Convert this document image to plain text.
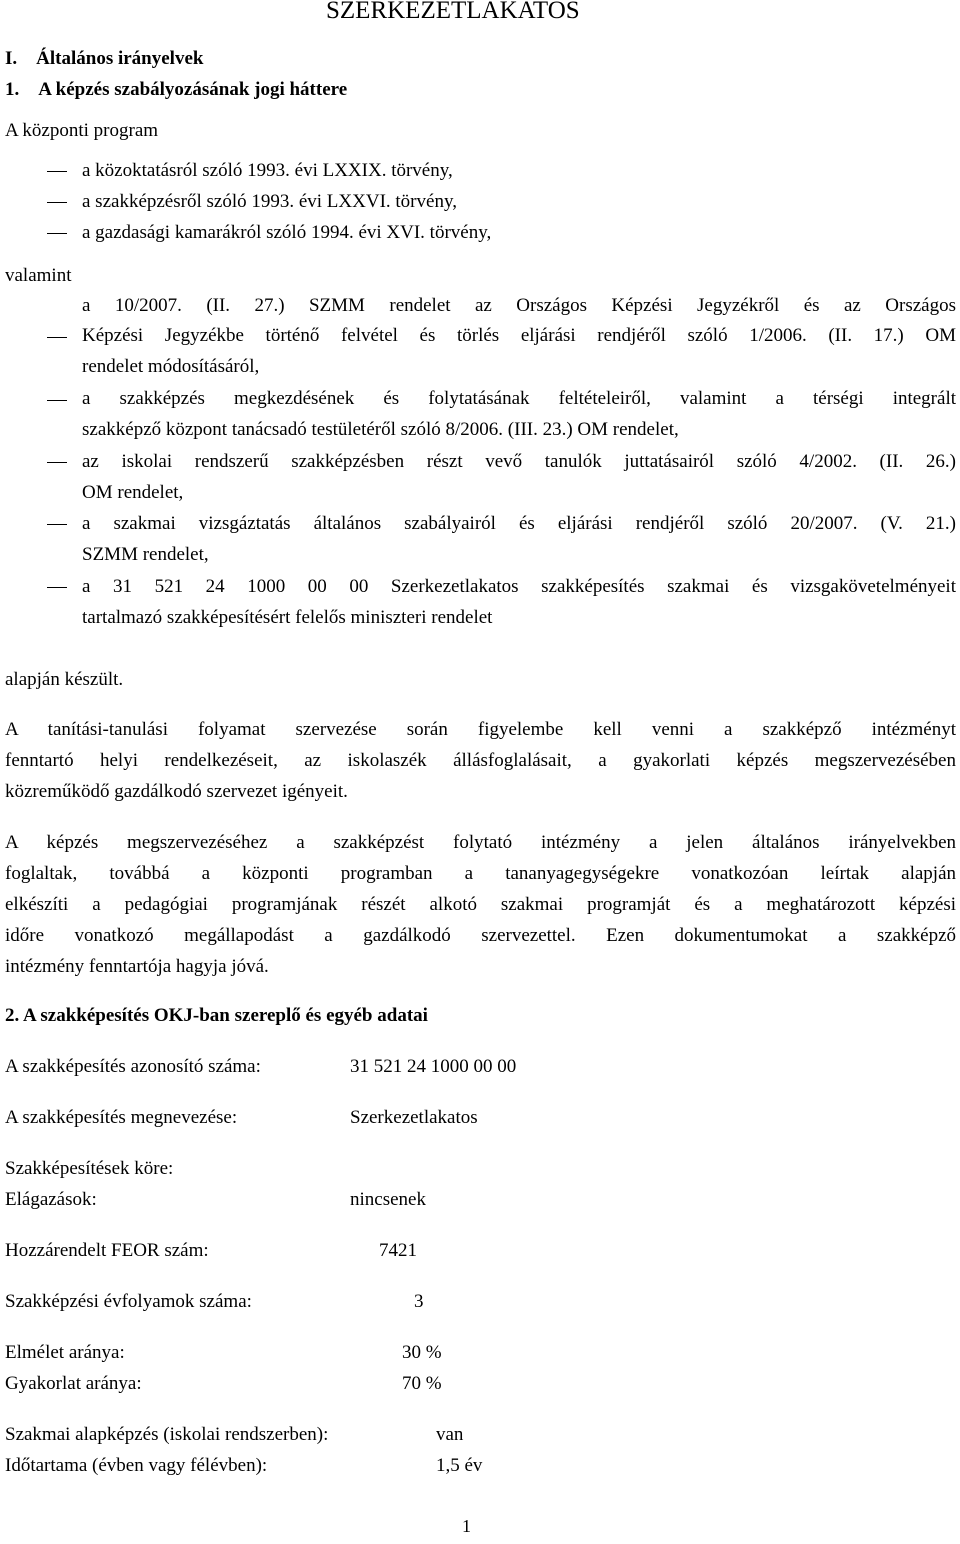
SZERKEZETLAKATOS
I.    Általános irányelvek
1.    A képzés szabályozásának jogi háttere
A központi program
a közoktatásról szóló 1993. évi LXXIX. törvény,
a szakképzésről szóló 1993. évi LXXVI. törvény,
a gazdasági kamarákról szóló 1994. évi XVI. törvény,
valamint
a 10/2007. (II. 27.) SZMM rendelet az Országos Képzési Jegyzékről és az Országos
Képzési Jegyzékbe történő felvétel és törlés eljárási rendjéről szóló 1/2006. (II. 17.) OM
rendelet módosításáról,
a szakképzés megkezdésének és folytatásának feltételeiről, valamint a térségi integrált
szakképző központ tanácsadó testületéről szóló 8/2006. (III. 23.) OM rendelet,
az iskolai rendszerű szakképzésben részt vevő tanulók juttatásairól szóló 4/2002. (II. 26.)
OM rendelet,
a szakmai vizsgáztatás általános szabályairól és eljárási rendjéről szóló 20/2007. (V. 21.)
SZMM rendelet,
a 31 521 24 1000 00 00 Szerkezetlakatos szakképesítés szakmai és vizsgakövetelményeit
tartalmazó szakképesítésért felelős miniszteri rendelet
alapján készült.
A tanítási-tanulási folyamat szervezése során figyelembe kell venni a szakképző intézményt
fenntartó helyi rendelkezéseit, az iskolaszék állásfoglalásait, a gyakorlati képzés megszervezésében
közreműködő gazdálkodó szervezet igényeit.
A képzés megszervezéséhez a szakképzést folytató intézmény a jelen általános irányelvekben
foglaltak, továbbá a központi programban a tananyagegységekre vonatkozóan leírtak alapján
elkészíti a pedagógiai programjának részét alkotó szakmai programját és a meghatározott képzési
időre vonatkozó megállapodást a gazdálkodó szervezettel. Ezen dokumentumokat a szakképző
intézmény fenntartója hagyja jóvá.
2. A szakképesítés OKJ-ban szereplő és egyéb adatai
A szakképesítés azonosító száma:	31 521 24 1000 00 00
A szakképesítés megnevezése:	Szerkezetlakatos
Szakképesítések köre:
Elágazások:	nincsenek
Hozzárendelt FEOR szám:	7421
Szakképzési évfolyamok száma:	3
Elmélet aránya:	30 %
Gyakorlat aránya:	70 %
Szakmai alapképzés (iskolai rendszerben):	van
Időtartama (évben vagy félévben):	1,5 év
1
